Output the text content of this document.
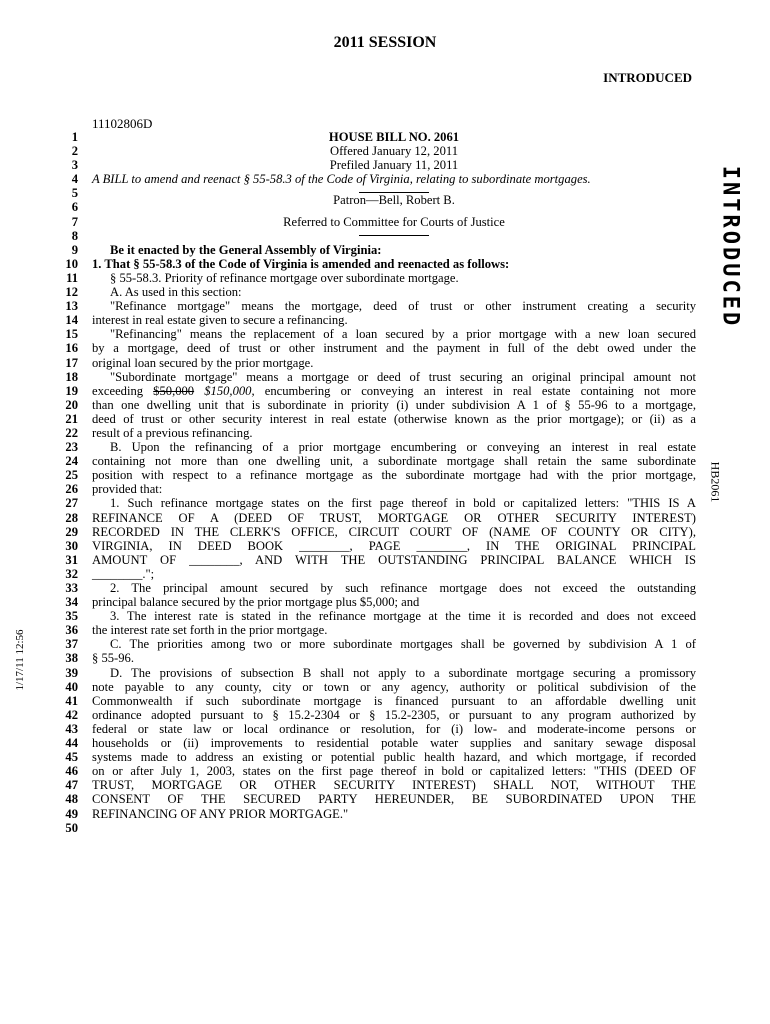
2011 SESSION
INTRODUCED
11102806D
INTRODUCED
HB2061
1/17/11 12:56
1	HOUSE BILL NO. 2061
2	Offered January 12, 2011
3	Prefiled January 11, 2011
4 A BILL to amend and reenact § 55-58.3 of the Code of Virginia, relating to subordinate mortgages.
5
6	Patron—Bell, Robert B.
7	Referred to Committee for Courts of Justice
8
9	Be it enacted by the General Assembly of Virginia:
10 1. That § 55-58.3 of the Code of Virginia is amended and reenacted as follows:
11	§ 55-58.3. Priority of refinance mortgage over subordinate mortgage.
12	A. As used in this section:
13	"Refinance mortgage" means the mortgage, deed of trust or other instrument creating a security
14 interest in real estate given to secure a refinancing.
15	"Refinancing" means the replacement of a loan secured by a prior mortgage with a new loan secured
16 by a mortgage, deed of trust or other instrument and the payment in full of the debt owed under the
17 original loan secured by the prior mortgage.
18	"Subordinate mortgage" means a mortgage or deed of trust securing an original principal amount not
19 exceeding $50,000 $150,000, encumbering or conveying an interest in real estate containing not more
20 than one dwelling unit that is subordinate in priority (i) under subdivision A 1 of § 55-96 to a mortgage,
21 deed of trust or other security interest in real estate (otherwise known as the prior mortgage); or (ii) as a
22 result of a previous refinancing.
23	B. Upon the refinancing of a prior mortgage encumbering or conveying an interest in real estate
24 containing not more than one dwelling unit, a subordinate mortgage shall retain the same subordinate
25 position with respect to a refinance mortgage as the subordinate mortgage had with the prior mortgage,
26 provided that:
27	1. Such refinance mortgage states on the first page thereof in bold or capitalized letters: "THIS IS A
28 REFINANCE OF A (DEED OF TRUST, MORTGAGE OR OTHER SECURITY INTEREST)
29 RECORDED IN THE CLERK'S OFFICE, CIRCUIT COURT OF (NAME OF COUNTY OR CITY),
30 VIRGINIA, IN DEED BOOK ________, PAGE ________, IN THE ORIGINAL PRINCIPAL
31 AMOUNT OF ________, AND WITH THE OUTSTANDING PRINCIPAL BALANCE WHICH IS
32 ________.";
33	2. The principal amount secured by such refinance mortgage does not exceed the outstanding
34 principal balance secured by the prior mortgage plus $5,000; and
35	3. The interest rate is stated in the refinance mortgage at the time it is recorded and does not exceed
36 the interest rate set forth in the prior mortgage.
37	C. The priorities among two or more subordinate mortgages shall be governed by subdivision A 1 of
38 § 55-96.
39	D. The provisions of subsection B shall not apply to a subordinate mortgage securing a promissory
40 note payable to any county, city or town or any agency, authority or political subdivision of the
41 Commonwealth if such subordinate mortgage is financed pursuant to an affordable dwelling unit
42 ordinance adopted pursuant to § 15.2-2304 or § 15.2-2305, or pursuant to any program authorized by
43 federal or state law or local ordinance or resolution, for (i) low- and moderate-income persons or
44 households or (ii) improvements to residential potable water supplies and sanitary sewage disposal
45 systems made to address an existing or potential public health hazard, and which mortgage, if recorded
46 on or after July 1, 2003, states on the first page thereof in bold or capitalized letters: "THIS (DEED OF
47 TRUST, MORTGAGE OR OTHER SECURITY INTEREST) SHALL NOT, WITHOUT THE
48 CONSENT OF THE SECURED PARTY HEREUNDER, BE SUBORDINATED UPON THE
49 REFINANCING OF ANY PRIOR MORTGAGE."
50
